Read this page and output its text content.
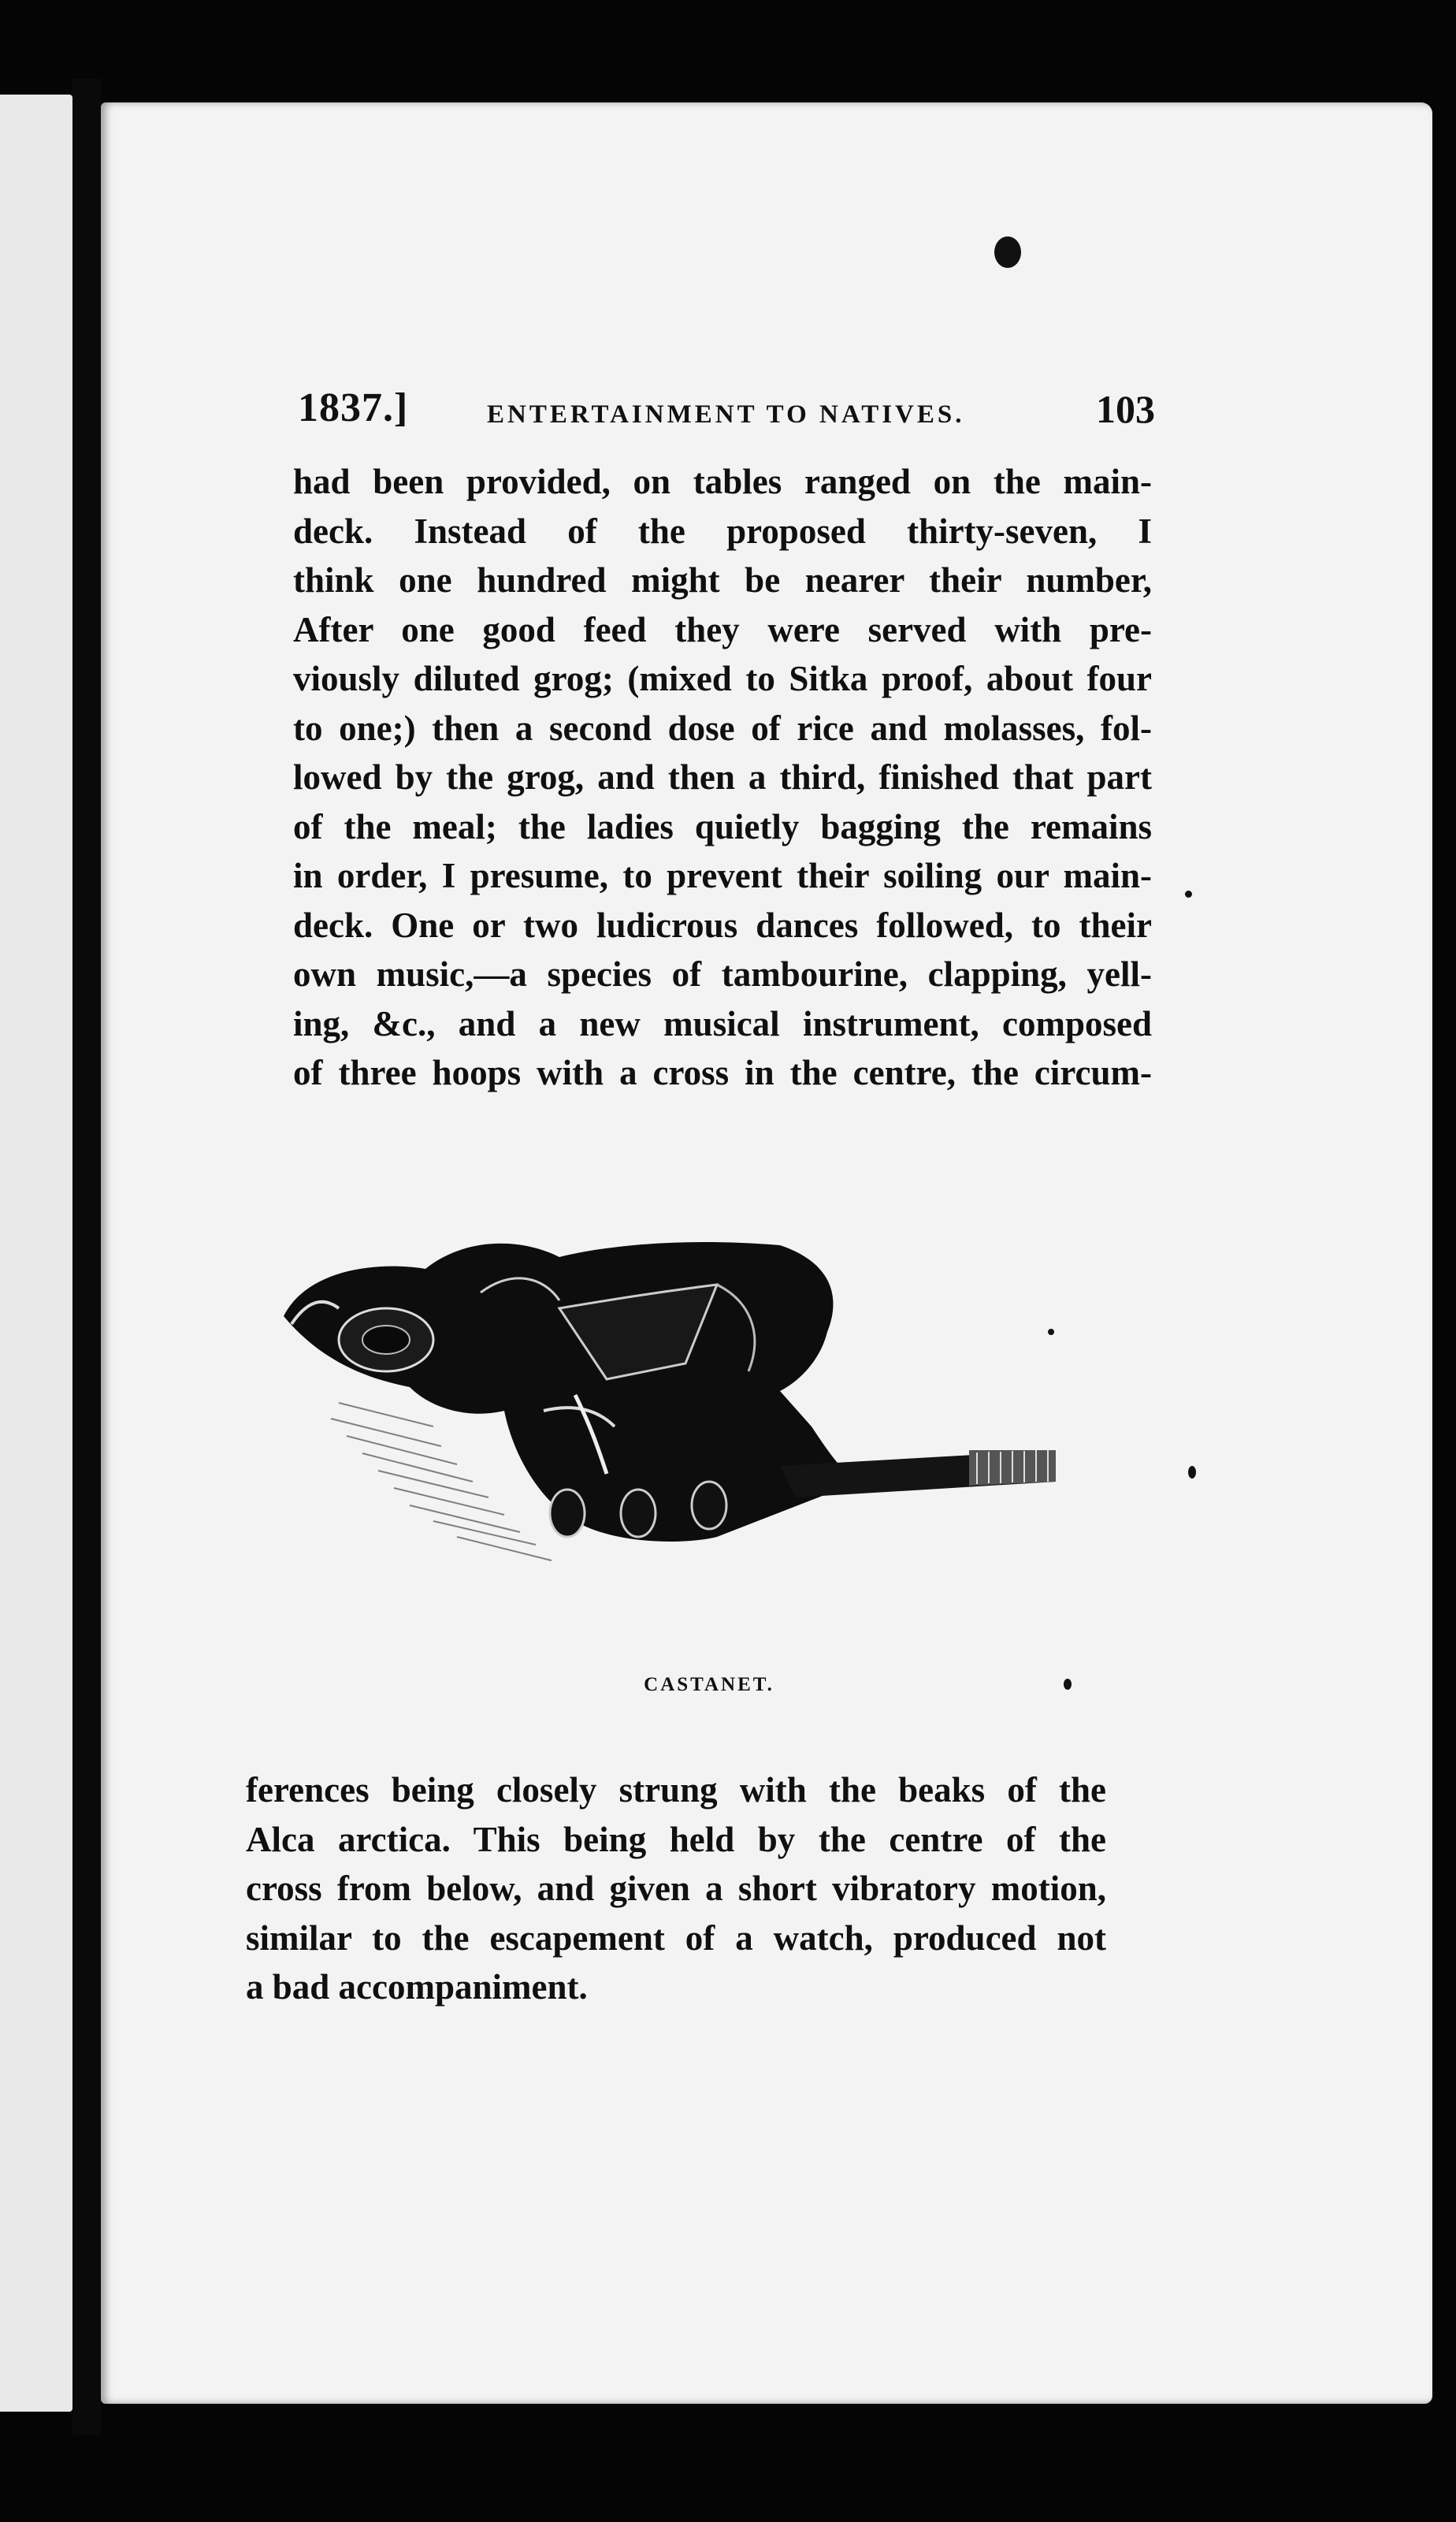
1837.]	ENTERTAINMENT TO NATIVES.	103
had been provided, on tables ranged on the main-
deck. Instead of the proposed thirty-seven, I
think one hundred might be nearer their number,
After one good feed they were served with pre-
viously diluted grog; (mixed to Sitka proof, about four
to one;) then a second dose of rice and molasses, fol-
lowed by the grog, and then a third, finished that part
of the meal; the ladies quietly bagging the remains
in order, I presume, to prevent their soiling our main-
deck. One or two ludicrous dances followed, to their
own music,—a species of tambourine, clapping, yell-
ing, &c., and a new musical instrument, composed
of three hoops with a cross in the centre, the circum-
CASTANET.
ferences being closely strung with the beaks of the
Alca arctica. This being held by the centre of the
cross from below, and given a short vibratory motion,
similar to the escapement of a watch, produced not
a bad accompaniment.
